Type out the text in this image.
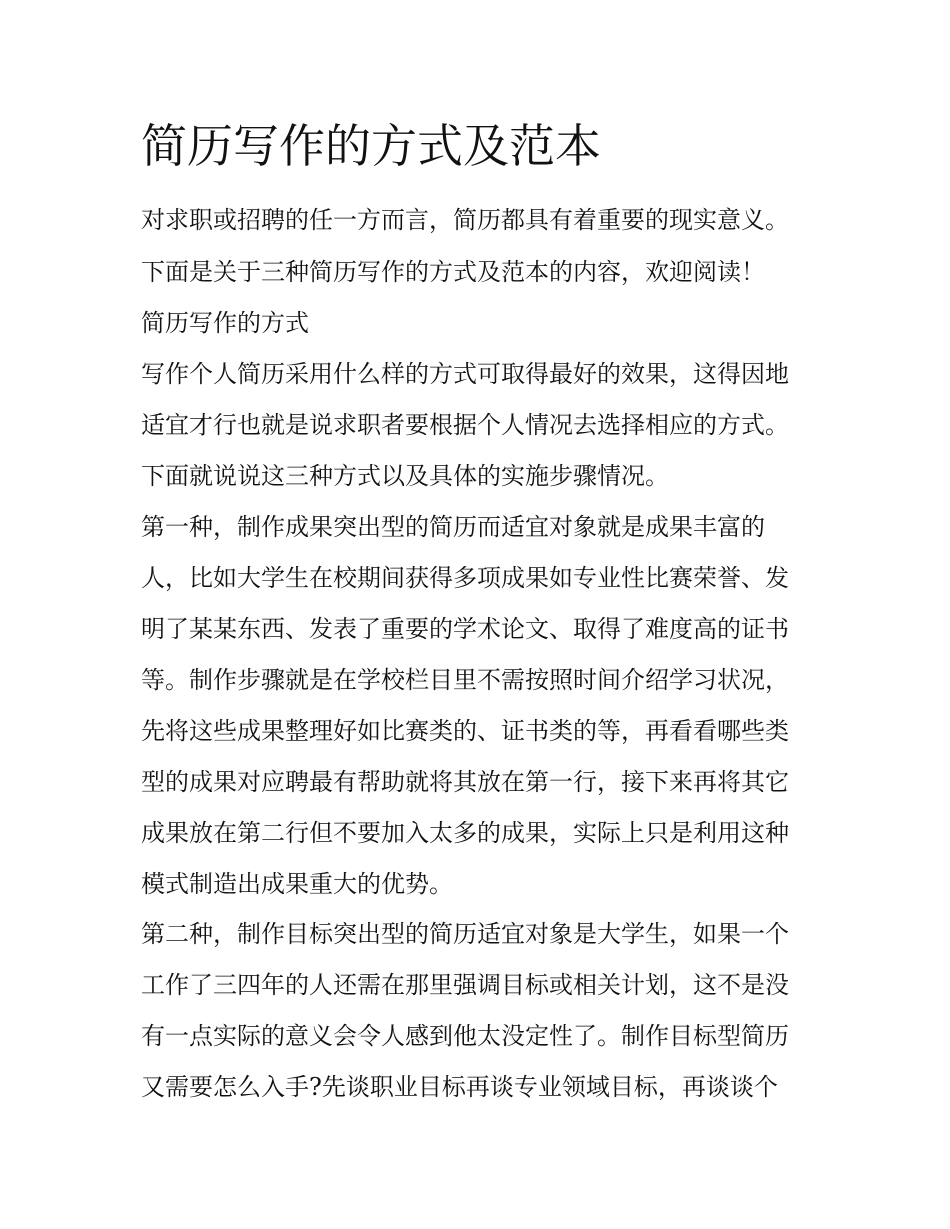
简历写作的方式及范本

对求职或招聘的任一方而言，简历都具有着重要的现实意义。

下面是关于三种简历写作的方式及范本的内容，欢迎阅读！

简历写作的方式

写作个人简历采用什么样的方式可取得最好的效果，这得因地

适宜才行也就是说求职者要根据个人情况去选择相应的方式。

下面就说说这三种方式以及具体的实施步骤情况。

第一种，制作成果突出型的简历而适宜对象就是成果丰富的

人，比如大学生在校期间获得多项成果如专业性比赛荣誉、发

明了某某东西、发表了重要的学术论文、取得了难度高的证书

等。制作步骤就是在学校栏目里不需按照时间介绍学习状况，

先将这些成果整理好如比赛类的、证书类的等，再看看哪些类

型的成果对应聘最有帮助就将其放在第一行，接下来再将其它

成果放在第二行但不要加入太多的成果，实际上只是利用这种

模式制造出成果重大的优势。

第二种，制作目标突出型的简历适宜对象是大学生，如果一个

工作了三四年的人还需在那里强调目标或相关计划，这不是没

有一点实际的意义会令人感到他太没定性了。制作目标型简历

又需要怎么入手?先谈职业目标再谈专业领域目标，再谈谈个
